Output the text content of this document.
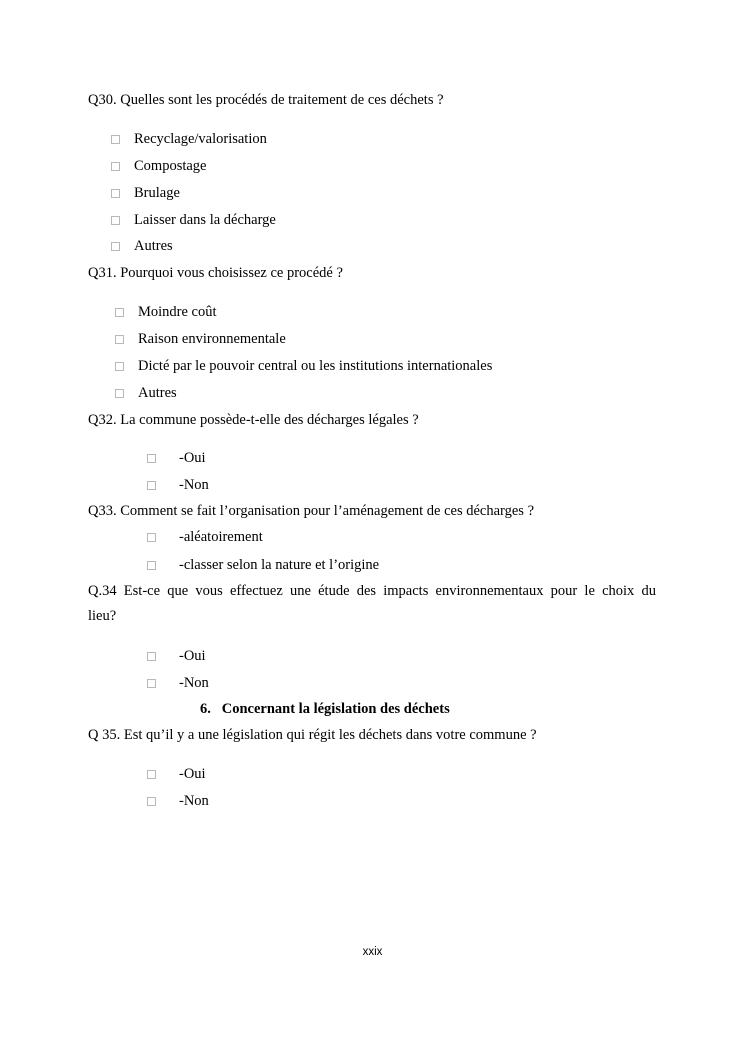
Q30. Quelles sont les procédés de traitement de ces déchets ?
Recyclage/valorisation
Compostage
Brulage
Laisser dans la décharge
Autres
Q31. Pourquoi vous choisissez ce procédé ?
Moindre coût
Raison environnementale
Dicté par le pouvoir central ou les institutions internationales
Autres
Q32. La commune possède-t-elle des décharges légales ?
-Oui
-Non
Q33. Comment se fait l’organisation pour l’aménagement de ces décharges ?
-aléatoirement
-classer selon la nature et l’origine
Q.34 Est-ce que vous effectuez une étude des impacts environnementaux pour le choix du
lieu?
-Oui
-Non
6. Concernant la législation des déchets
Q 35. Est qu’il y a une législation qui régit les déchets dans votre commune ?
-Oui
-Non
xxix
